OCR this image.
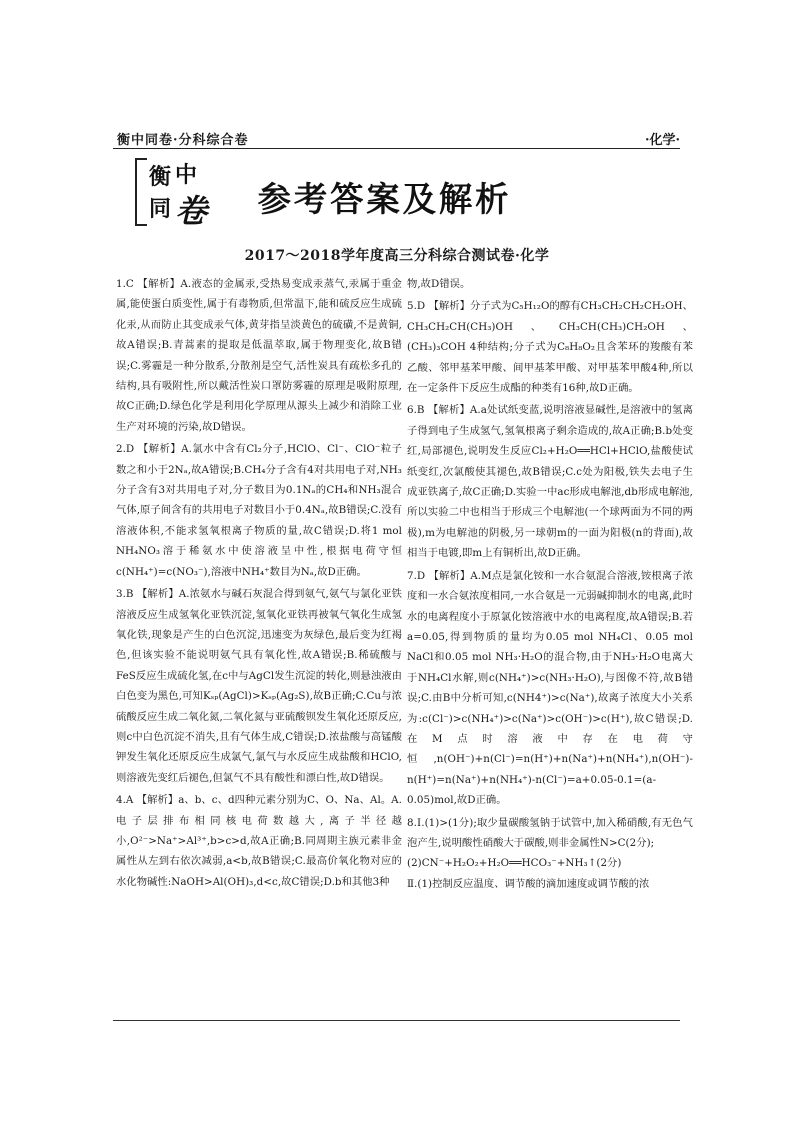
衡中同卷·分科综合卷	·化学·
衡 中
同 卷 参考答案及解析
2017～2018学年度高三分科综合测试卷·化学

1.C 【解析】A.液态的金属汞,受热易变成汞蒸气,汞属于重金属,能使蛋白质变性,属于有毒物质,但常温下,能和硫反应生成硫化汞,从而防止其变成汞气体,黄芽指呈淡黄色的硫磺,不是黄铜,故A错误;B.青蒿素的提取是低温萃取,属于物理变化,故B错误;C.雾霾是一种分散系,分散剂是空气,活性炭具有疏松多孔的结构,具有吸附性,所以戴活性炭口罩防雾霾的原理是吸附原理,故C正确;D.绿色化学是利用化学原理从源头上减少和消除工业生产对环境的污染,故D错误。

2.D 【解析】A.氯水中含有Cl₂分子,HClO、Cl⁻、ClO⁻粒子数之和小于2Nₐ,故A错误;B.CH₄分子含有4对共用电子对,NH₃分子含有3对共用电子对,分子数目为0.1Nₐ的CH₄和NH₃混合气体,原子间含有的共用电子对数目小于0.4Nₐ,故B错误;C.没有溶液体积,不能求氢氧根离子物质的量,故C错误;D.将1 mol NH₄NO₃溶于稀氨水中使溶液呈中性,根据电荷守恒c(NH₄⁺)=c(NO₃⁻),溶液中NH₄⁺数目为Nₐ,故D正确。

3.B 【解析】A.浓氨水与碱石灰混合得到氨气,氨气与氯化亚铁溶液反应生成氢氧化亚铁沉淀,氢氧化亚铁再被氧气氧化生成氢氧化铁,现象是产生的白色沉淀,迅速变为灰绿色,最后变为红褐色,但该实验不能说明氨气具有氧化性,故A错误;B.稀硫酸与FeS反应生成硫化氢,在c中与AgCl发生沉淀的转化,则悬浊液由白色变为黑色,可知Kₛₚ(AgCl)>Kₛₚ(Ag₂S),故B正确;C.Cu与浓硫酸反应生成二氧化氮,二氧化氮与亚硫酸钡发生氧化还原反应,则c中白色沉淀不消失,且有气体生成,C错误;D.浓盐酸与高锰酸钾发生氧化还原反应生成氯气,氯气与水反应生成盐酸和HClO,则溶液先变红后褪色,但氯气不具有酸性和漂白性,故D错误。

4.A 【解析】a、b、c、d四种元素分别为C、O、Na、Al。A.电子层排布相同核电荷数越大,离子半径越小,O²⁻>Na⁺>Al³⁺,b>c>d,故A正确;B.同周期主族元素非金属性从左到右依次减弱,a<b,故B错误;C.最高价氧化物对应的水化物碱性:NaOH>Al(OH)₃,d<c,故C错误;D.b和其他3种

物,故D错误。

5.D 【解析】分子式为C₅H₁₂O的醇有CH₃CH₂CH₂CH₂OH、CH₃CH₂CH(CH₃)OH、CH₃CH(CH₃)CH₂OH、(CH₃)₃COH 4种结构;分子式为C₈H₈O₂且含苯环的羧酸有苯乙酸、邻甲基苯甲酸、间甲基苯甲酸、对甲基苯甲酸4种,所以在一定条件下反应生成酯的种类有16种,故D正确。

6.B 【解析】A.a处试纸变蓝,说明溶液显碱性,是溶液中的氢离子得到电子生成氢气,氢氧根离子剩余造成的,故A正确;B.b处变红,局部褪色,说明发生反应Cl₂+H₂O══HCl+HClO,盐酸使试纸变红,次氯酸使其褪色,故B错误;C.c处为阳极,铁失去电子生成亚铁离子,故C正确;D.实验一中ac形成电解池,db形成电解池,所以实验二中也相当于形成三个电解池(一个球两面为不同的两极),m为电解池的阴极,另一球朝m的一面为阳极(n的背面),故相当于电镀,即m上有铜析出,故D正确。

7.D 【解析】A.M点是氯化铵和一水合氨混合溶液,铵根离子浓度和一水合氨浓度相同,一水合氨是一元弱碱抑制水的电离,此时水的电离程度小于原氯化铵溶液中水的电离程度,故A错误;B.若a=0.05,得到物质的量均为0.05 mol NH₄Cl、0.05 mol NaCl和0.05 mol NH₃·H₂O的混合物,由于NH₃·H₂O电离大于NH₄Cl水解,则c(NH₄⁺)>c(NH₃·H₂O),与图像不符,故B错误;C.由B中分析可知,c(NH4⁺)>c(Na⁺),故离子浓度大小关系为:c(Cl⁻)>c(NH₄⁺)>c(Na⁺)>c(OH⁻)>c(H⁺),故C错误;D.在M点时溶液中存在电荷守恒,n(OH⁻)+n(Cl⁻)=n(H⁺)+n(Na⁺)+n(NH₄⁺),n(OH⁻)-n(H⁺)=n(Na⁺)+n(NH₄⁺)-n(Cl⁻)=a+0.05-0.1=(a-0.05)mol,故D正确。

8.Ⅰ.(1)>(1分);取少量碳酸氢钠于试管中,加入稀硝酸,有无色气泡产生,说明酸性硝酸大于碳酸,则非金属性N>C(2分);

(2)CN⁻+H₂O₂+H₂O══HCO₃⁻+NH₃↑(2分)

Ⅱ.(1)控制反应温度、调节酸的滴加速度或调节酸的浓
